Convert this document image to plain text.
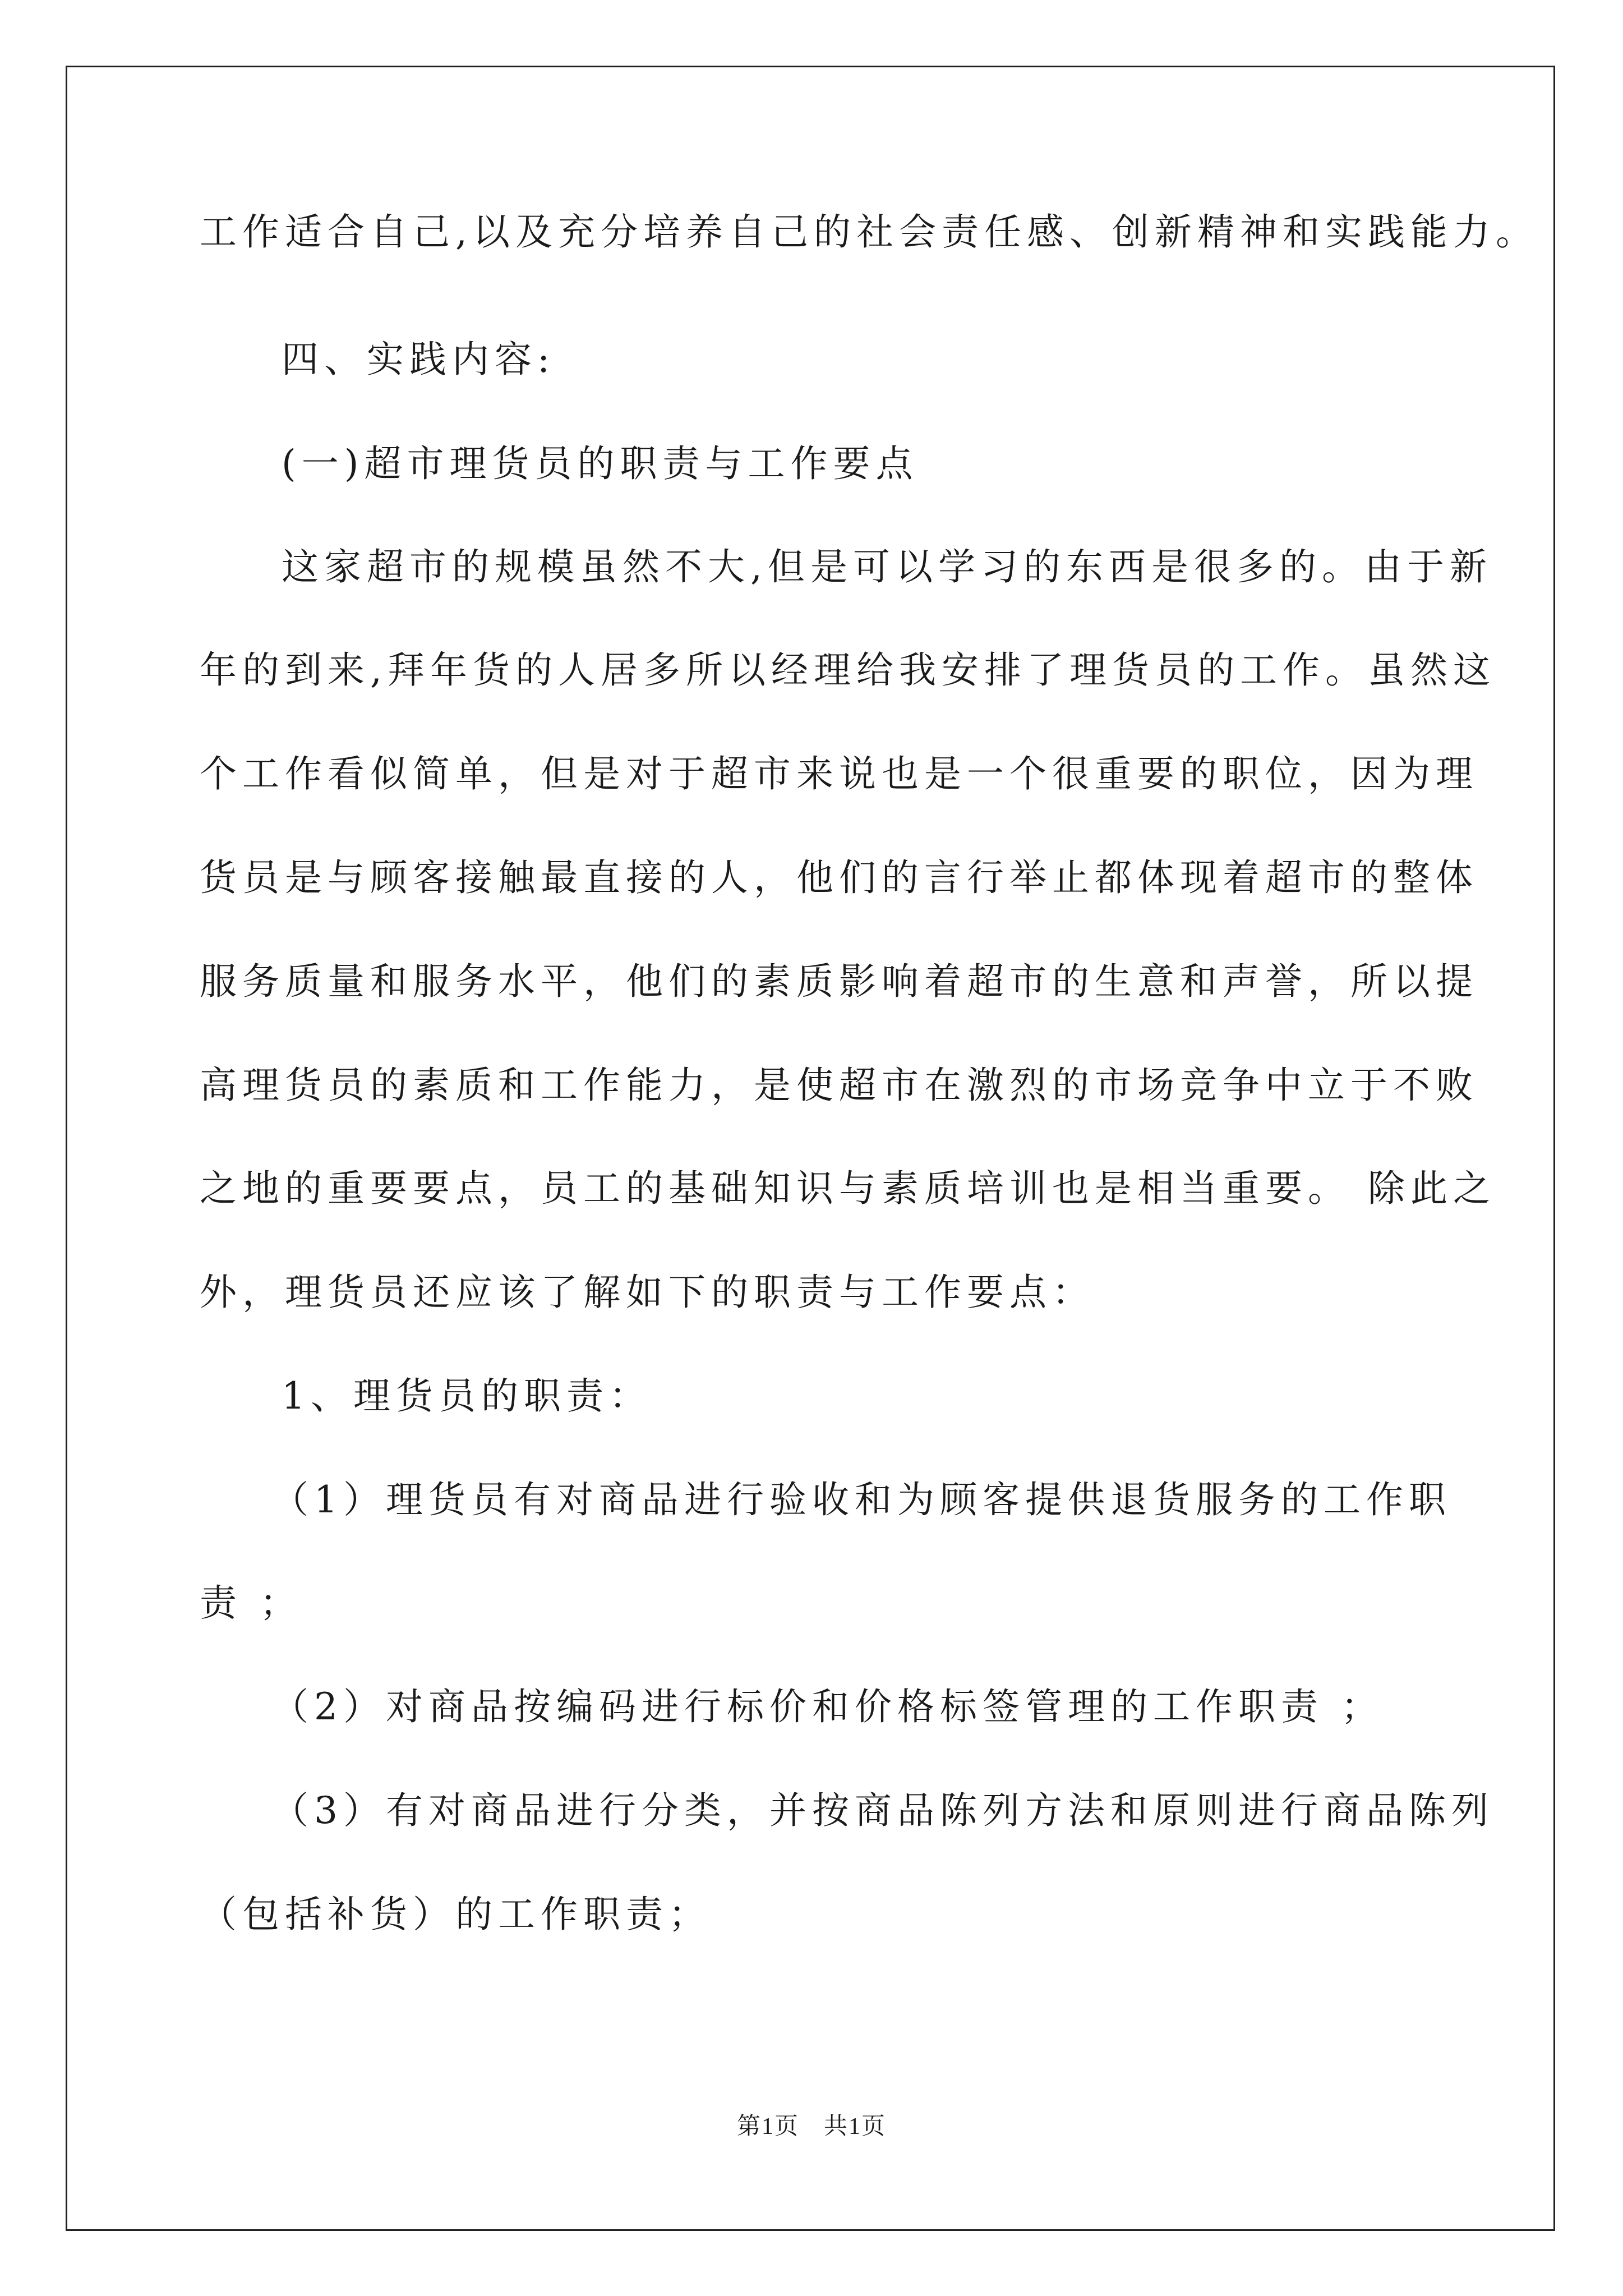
工作适合自己,以及充分培养自己的社会责任感、创新精神和实践能力。
四、实践内容:
(一)超市理货员的职责与工作要点
这家超市的规模虽然不大,但是可以学习的东西是很多的。由于新
年的到来,拜年货的人居多所以经理给我安排了理货员的工作。虽然这
个工作看似简单，但是对于超市来说也是一个很重要的职位，因为理
货员是与顾客接触最直接的人，他们的言行举止都体现着超市的整体
服务质量和服务水平，他们的素质影响着超市的生意和声誉，所以提
高理货员的素质和工作能力，是使超市在激烈的市场竞争中立于不败
之地的重要要点，员工的基础知识与素质培训也是相当重要。 除此之
外，理货员还应该了解如下的职责与工作要点：
1、理货员的职责：
（1）理货员有对商品进行验收和为顾客提供退货服务的工作职
责 ；
（2）对商品按编码进行标价和价格标签管理的工作职责 ；
（3）有对商品进行分类，并按商品陈列方法和原则进行商品陈列
（包括补货）的工作职责；
第1页　共1页
